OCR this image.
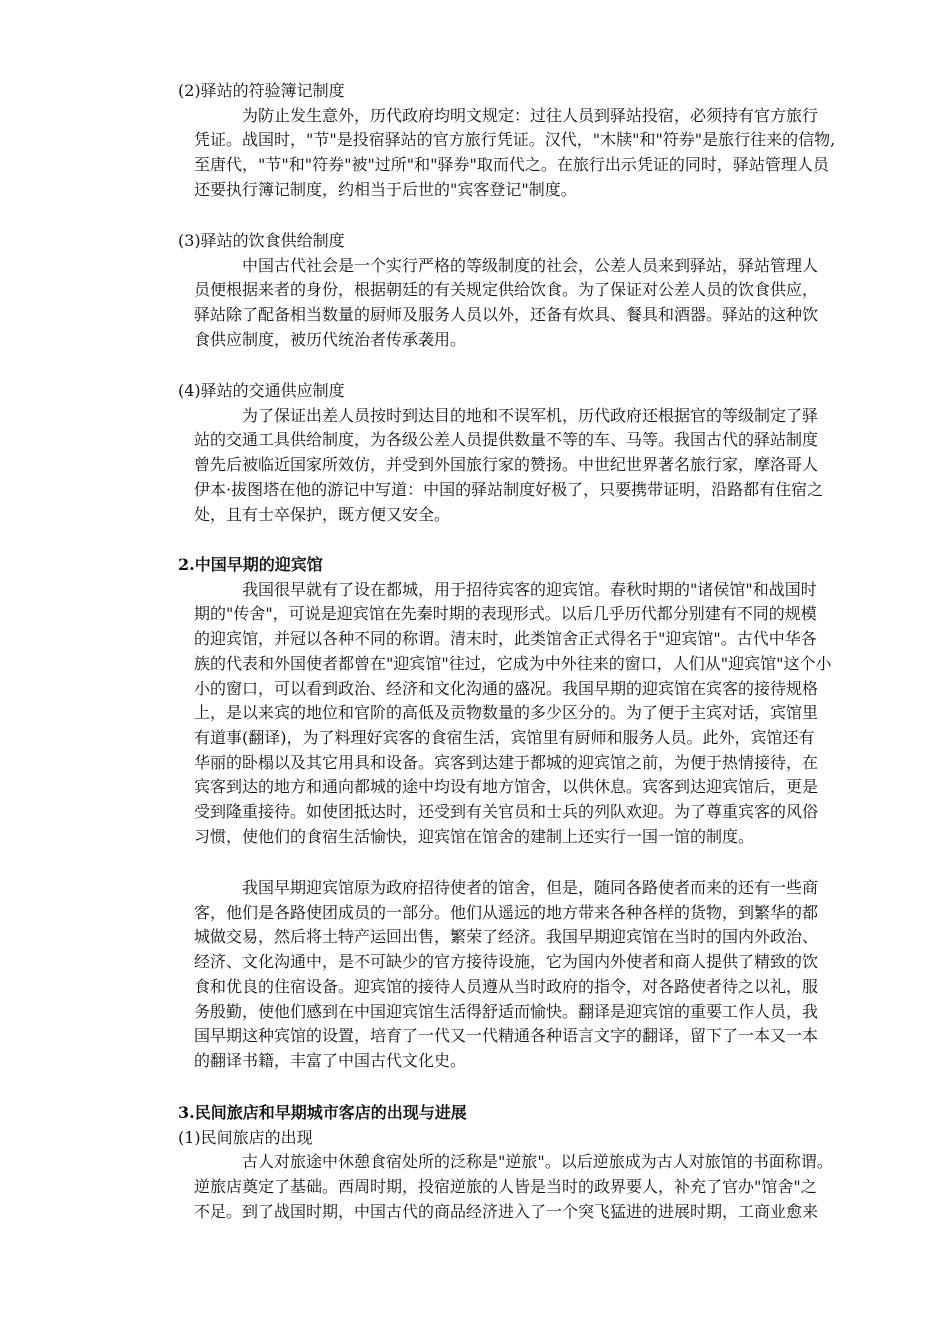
(2)驿站的符验簿记制度
为防止发生意外，历代政府均明文规定：过往人员到驿站投宿，必须持有官方旅行
凭证。战国时，"节"是投宿驿站的官方旅行凭证。汉代，"木牍"和"符券"是旅行往来的信物,
至唐代，"节"和"符券"被"过所"和"驿券"取而代之。在旅行出示凭证的同时，驿站管理人员
还要执行簿记制度，约相当于后世的"宾客登记"制度。
(3)驿站的饮食供给制度
中国古代社会是一个实行严格的等级制度的社会，公差人员来到驿站，驿站管理人
员便根据来者的身份，根据朝廷的有关规定供给饮食。为了保证对公差人员的饮食供应，
驿站除了配备相当数量的厨师及服务人员以外，还备有炊具、餐具和酒器。驿站的这种饮
食供应制度，被历代统治者传承袭用。
(4)驿站的交通供应制度
为了保证出差人员按时到达目的地和不误军机，历代政府还根据官的等级制定了驿
站的交通工具供给制度，为各级公差人员提供数量不等的车、马等。我国古代的驿站制度
曾先后被临近国家所效仿，并受到外国旅行家的赞扬。中世纪世界著名旅行家，摩洛哥人
伊本·拔图塔在他的游记中写道：中国的驿站制度好极了，只要携带证明，沿路都有住宿之
处，且有士卒保护，既方便又安全。
2.中国早期的迎宾馆
我国很早就有了设在都城，用于招待宾客的迎宾馆。春秋时期的"诸侯馆"和战国时
期的"传舍"，可说是迎宾馆在先秦时期的表现形式。以后几乎历代都分别建有不同的规模
的迎宾馆，并冠以各种不同的称谓。清末时，此类馆舍正式得名于"迎宾馆"。古代中华各
族的代表和外国使者都曾在"迎宾馆"往过，它成为中外往来的窗口，人们从"迎宾馆"这个小
小的窗口，可以看到政治、经济和文化沟通的盛况。我国早期的迎宾馆在宾客的接待规格
上，是以来宾的地位和官阶的高低及贡物数量的多少区分的。为了便于主宾对话，宾馆里
有道事(翻译)，为了料理好宾客的食宿生活，宾馆里有厨师和服务人员。此外，宾馆还有
华丽的卧榻以及其它用具和设备。宾客到达建于都城的迎宾馆之前，为便于热情接待，在
宾客到达的地方和通向都城的途中均设有地方馆舍，以供休息。宾客到达迎宾馆后，更是
受到隆重接待。如使团抵达时，还受到有关官员和士兵的列队欢迎。为了尊重宾客的风俗
习惯，使他们的食宿生活愉快，迎宾馆在馆舍的建制上还实行一国一馆的制度。
我国早期迎宾馆原为政府招待使者的馆舍，但是，随同各路使者而来的还有一些商
客，他们是各路使团成员的一部分。他们从遥远的地方带来各种各样的货物，到繁华的都
城做交易，然后将土特产运回出售，繁荣了经济。我国早期迎宾馆在当时的国内外政治、
经济、文化沟通中，是不可缺少的官方接待设施，它为国内外使者和商人提供了精致的饮
食和优良的住宿设备。迎宾馆的接待人员遵从当时政府的指令，对各路使者待之以礼，服
务殷勤，使他们感到在中国迎宾馆生活得舒适而愉快。翻译是迎宾馆的重要工作人员，我
国早期这种宾馆的设置，培育了一代又一代精通各种语言文字的翻译，留下了一本又一本
的翻译书籍，丰富了中国古代文化史。
3.民间旅店和早期城市客店的出现与进展
(1)民间旅店的出现
古人对旅途中休憩食宿处所的泛称是"逆旅"。以后逆旅成为古人对旅馆的书面称谓。
逆旅店奠定了基础。西周时期，投宿逆旅的人皆是当时的政界要人，补充了官办"馆舍"之
不足。到了战国时期，中国古代的商品经济进入了一个突飞猛进的进展时期，工商业愈来
